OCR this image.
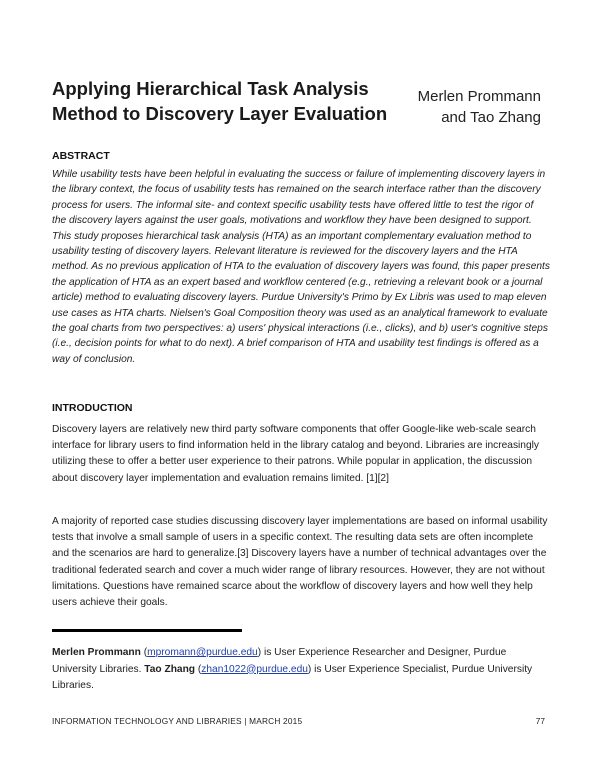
Applying Hierarchical Task Analysis
Method to Discovery Layer Evaluation
Merlen Prommann
and Tao Zhang
ABSTRACT
While usability tests have been helpful in evaluating the success or failure of implementing discovery layers in the library context, the focus of usability tests has remained on the search interface rather than the discovery process for users. The informal site- and context specific usability tests have offered little to test the rigor of the discovery layers against the user goals, motivations and workflow they have been designed to support. This study proposes hierarchical task analysis (HTA) as an important complementary evaluation method to usability testing of discovery layers. Relevant literature is reviewed for the discovery layers and the HTA method. As no previous application of HTA to the evaluation of discovery layers was found, this paper presents the application of HTA as an expert based and workflow centered (e.g., retrieving a relevant book or a journal article) method to evaluating discovery layers. Purdue University's Primo by Ex Libris was used to map eleven use cases as HTA charts. Nielsen's Goal Composition theory was used as an analytical framework to evaluate the goal charts from two perspectives: a) users' physical interactions (i.e., clicks), and b) user's cognitive steps (i.e., decision points for what to do next). A brief comparison of HTA and usability test findings is offered as a way of conclusion.
INTRODUCTION
Discovery layers are relatively new third party software components that offer Google-like web-scale search interface for library users to find information held in the library catalog and beyond. Libraries are increasingly utilizing these to offer a better user experience to their patrons. While popular in application, the discussion about discovery layer implementation and evaluation remains limited. [1][2]
A majority of reported case studies discussing discovery layer implementations are based on informal usability tests that involve a small sample of users in a specific context. The resulting data sets are often incomplete and the scenarios are hard to generalize.[3] Discovery layers have a number of technical advantages over the traditional federated search and cover a much wider range of library resources. However, they are not without limitations. Questions have remained scarce about the workflow of discovery layers and how well they help users achieve their goals.
Merlen Prommann (mpromann@purdue.edu) is User Experience Researcher and Designer, Purdue University Libraries. Tao Zhang (zhan1022@purdue.edu) is User Experience Specialist, Purdue University Libraries.
INFORMATION TECHNOLOGY AND LIBRARIES | MARCH 2015	77
